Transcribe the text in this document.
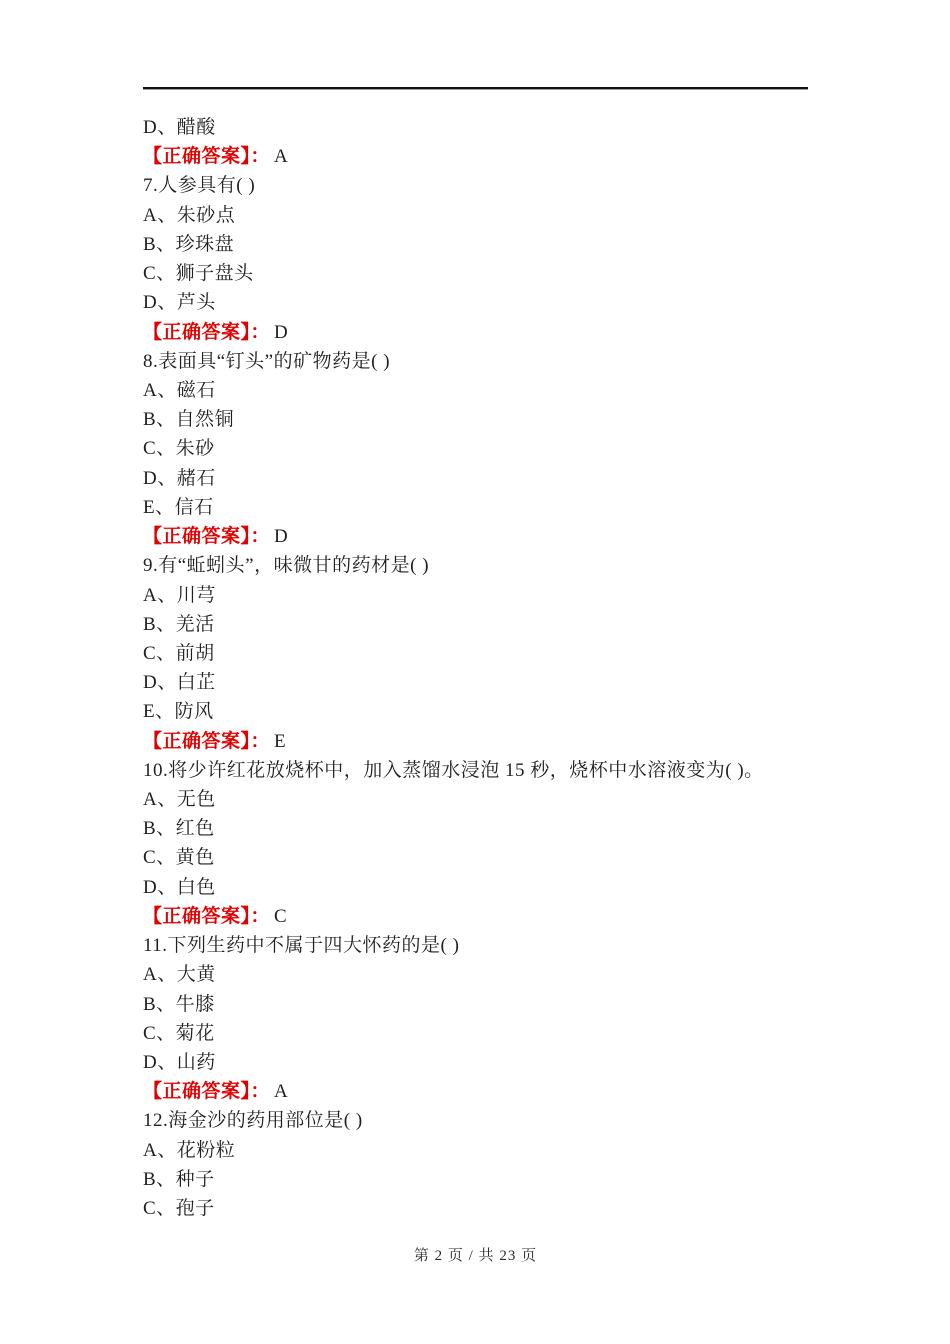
D、醋酸
【正确答案】： A
7.人参具有( )
A、朱砂点
B、珍珠盘
C、狮子盘头
D、芦头
【正确答案】： D
8.表面具“钉头”的矿物药是( )
A、磁石
B、自然铜
C、朱砂
D、赭石
E、信石
【正确答案】： D
9.有“蚯蚓头”，味微甘的药材是( )
A、川芎
B、羌活
C、前胡
D、白芷
E、防风
【正确答案】： E
10.将少许红花放烧杯中，加入蒸馏水浸泡 15 秒，烧杯中水溶液变为( )。
A、无色
B、红色
C、黄色
D、白色
【正确答案】： C
11.下列生药中不属于四大怀药的是( )
A、大黄
B、牛膝
C、菊花
D、山药
【正确答案】： A
12.海金沙的药用部位是( )
A、花粉粒
B、种子
C、孢子
第 2 页 / 共 23 页
